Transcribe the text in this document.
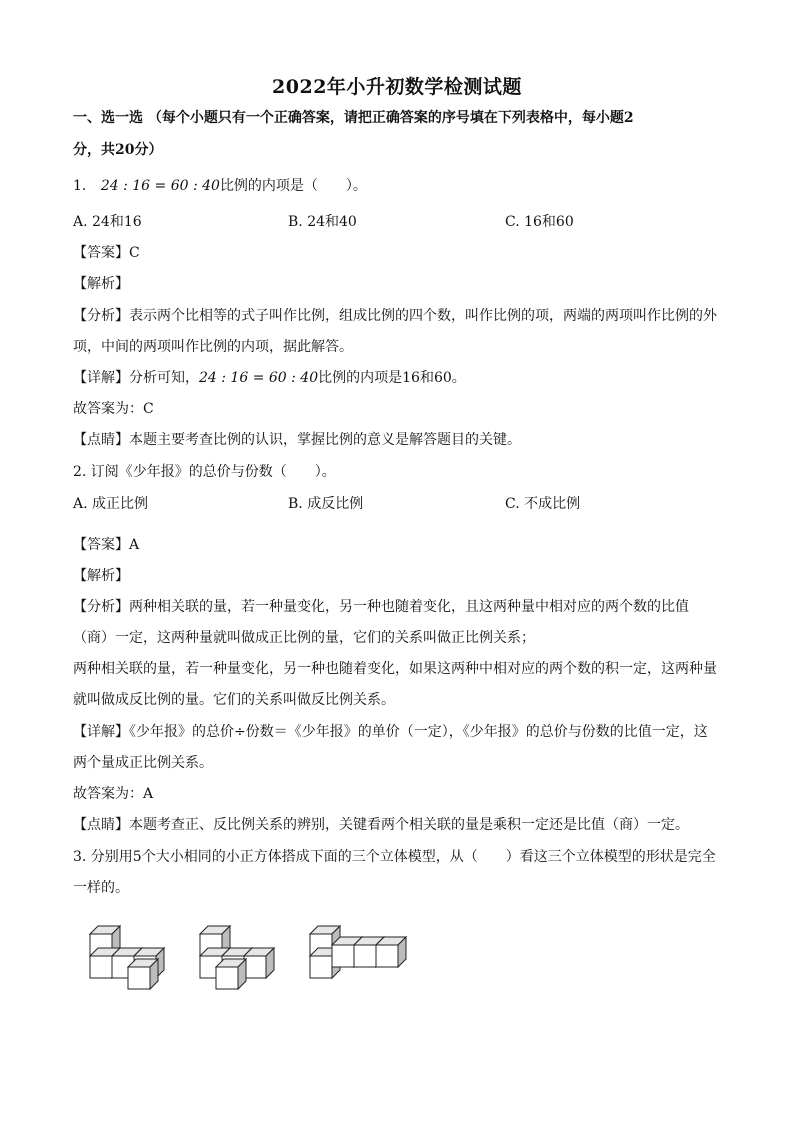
2022年小升初数学检测试题
一、选一选 （每个小题只有一个正确答案，请把正确答案的序号填在下列表格中，每小题2
分，共20分）
1. 24 : 16 = 60 : 40比例的内项是（　　）。
A. 24和16	B. 24和40	C. 16和60
【答案】C
【解析】
【分析】表示两个比相等的式子叫作比例，组成比例的四个数，叫作比例的项，两端的两项叫作比例的外
项，中间的两项叫作比例的内项，据此解答。
【详解】分析可知，24 : 16 = 60 : 40比例的内项是16和60。
故答案为：C
【点睛】本题主要考查比例的认识，掌握比例的意义是解答题目的关键。
2. 订阅《少年报》的总价与份数（　　）。
A. 成正比例	B. 成反比例	C. 不成比例
【答案】A
【解析】
【分析】两种相关联的量，若一种量变化，另一种也随着变化，且这两种量中相对应的两个数的比值
（商）一定，这两种量就叫做成正比例的量，它们的关系叫做正比例关系；
两种相关联的量，若一种量变化，另一种也随着变化，如果这两种中相对应的两个数的积一定，这两种量
就叫做成反比例的量。它们的关系叫做反比例关系。
【详解】《少年报》的总价÷份数＝《少年报》的单价（一定），《少年报》的总价与份数的比值一定，这
两个量成正比例关系。
故答案为：A
【点睛】本题考查正、反比例关系的辨别，关键看两个相关联的量是乘积一定还是比值（商）一定。
3. 分别用5个大小相同的小正方体搭成下面的三个立体模型，从（　　）看这三个立体模型的形状是完全
一样的。
